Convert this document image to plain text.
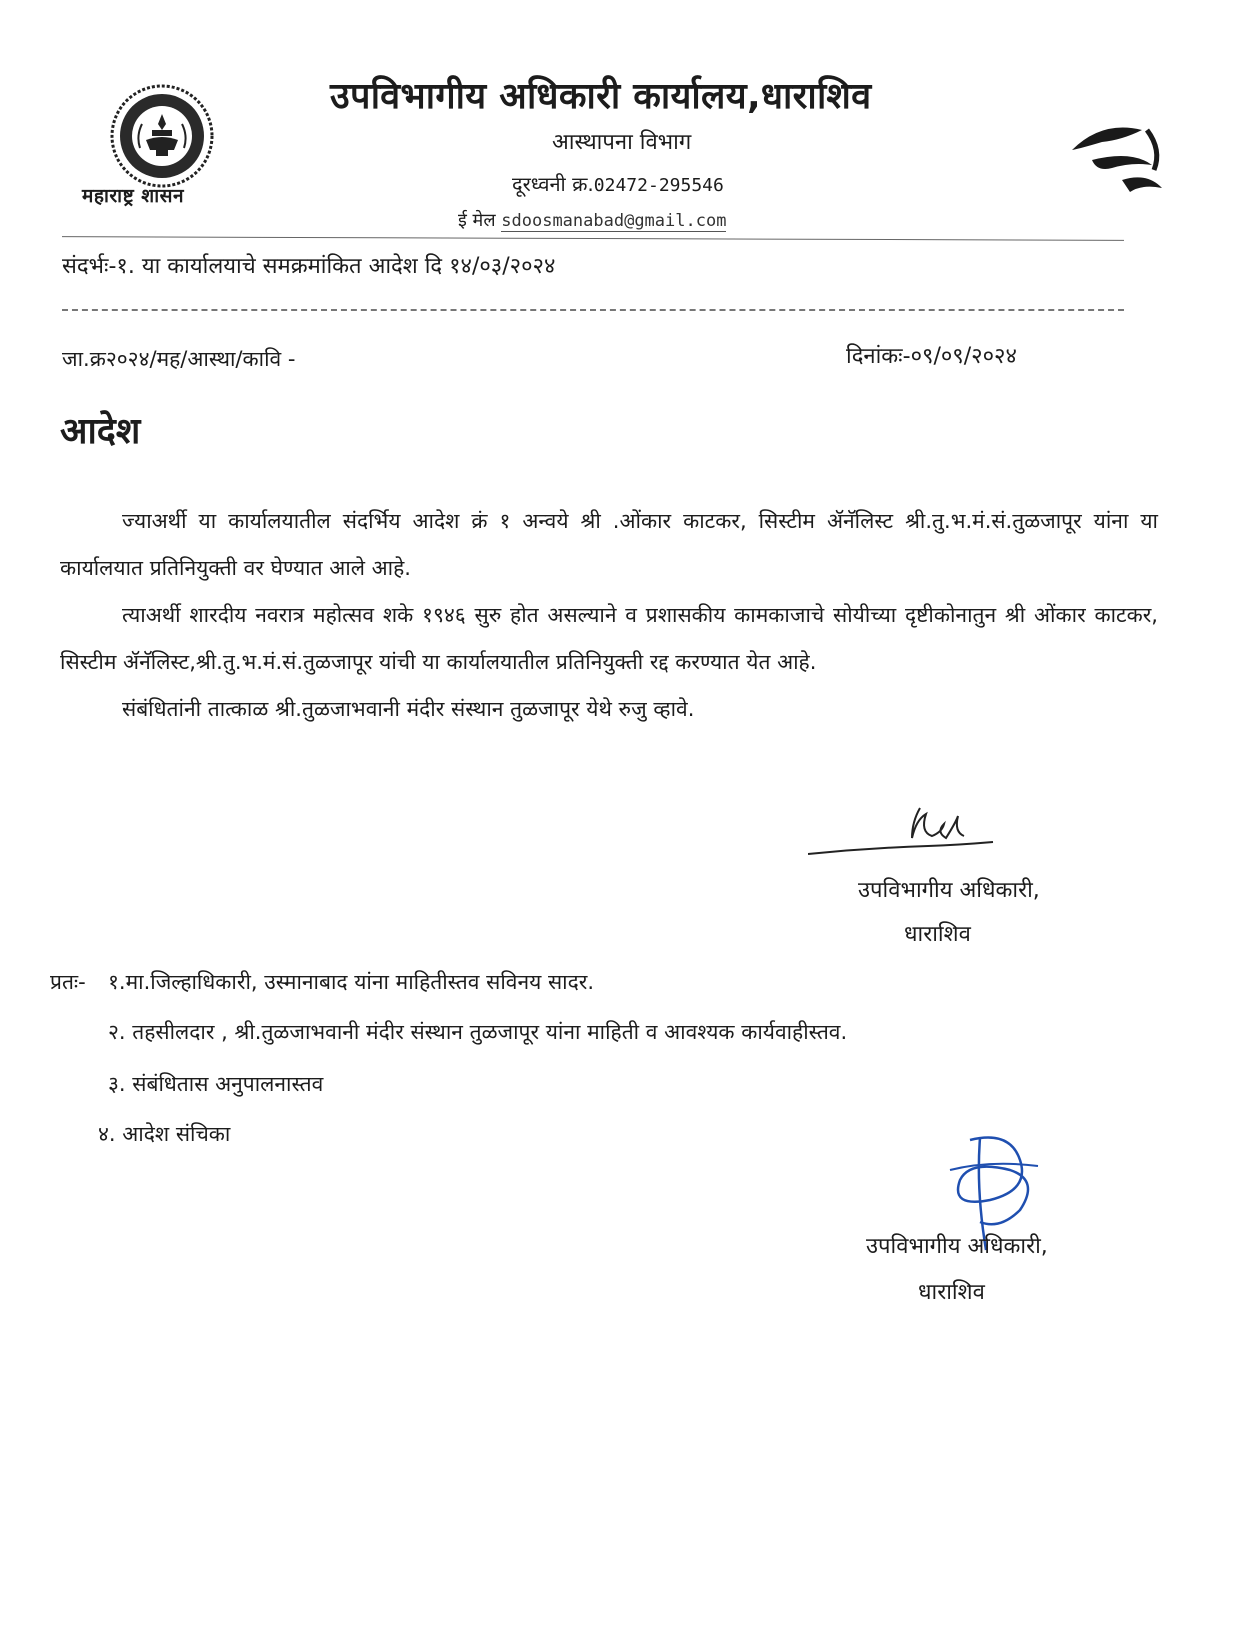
महाराष्ट्र शासन
उपविभागीय अधिकारी कार्यालय,धाराशिव
आस्थापना विभाग
दूरध्वनी क्र.02472-295546
ई मेल sdoosmanabad@gmail.com
संदर्भः-१. या कार्यालयाचे समक्रमांकित आदेश दि १४/०३/२०२४
जा.क्र२०२४/मह/आस्था/कावि -	दिनांकः-०९/०९/२०२४
आदेश

ज्याअर्थी या कार्यालयातील संदर्भिय आदेश क्रं १ अन्वये श्री .ओंकार काटकर, सिस्टीम ॲनॅलिस्ट श्री.तु.भ.मं.सं.तुळजापूर यांना या कार्यालयात प्रतिनियुक्ती वर घेण्यात आले आहे.

त्याअर्थी शारदीय नवरात्र महोत्सव शके १९४६ सुरु होत असल्याने व प्रशासकीय कामकाजाचे सोयीच्या दृष्टीकोनातुन श्री ओंकार काटकर, सिस्टीम ॲनॅलिस्ट,श्री.तु.भ.मं.सं.तुळजापूर यांची या कार्यालयातील प्रतिनियुक्ती रद्द करण्यात येत आहे.

संबंधितांनी तात्काळ श्री.तुळजाभवानी मंदीर संस्थान तुळजापूर येथे रुजु व्हावे.

उपविभागीय अधिकारी,
धाराशिव
प्रतः- १.मा.जिल्हाधिकारी, उस्मानाबाद यांना माहितीस्तव सविनय सादर.
२. तहसीलदार , श्री.तुळजाभवानी मंदीर संस्थान तुळजापूर यांना माहिती व आवश्यक कार्यवाहीस्तव.
३. संबंधितास अनुपालनास्तव
४. आदेश संचिका
उपविभागीय अधिकारी,
धाराशिव
